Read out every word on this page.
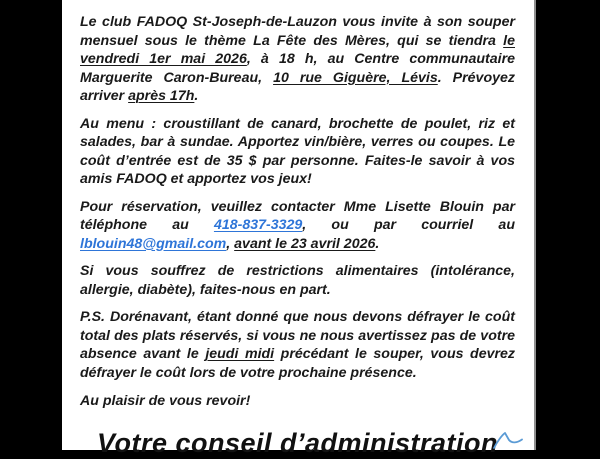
Le club FADOQ St-Joseph-de-Lauzon vous invite à son souper mensuel sous le thème La Fête des Mères, qui se tiendra le vendredi 1er mai 2026, à 18 h, au Centre communautaire Marguerite Caron-Bureau, 10 rue Giguère, Lévis. Prévoyez arriver après 17h.

Au menu : croustillant de canard, brochette de poulet, riz et salades, bar à sundae. Apportez vin/bière, verres ou coupes. Le coût d’entrée est de 35 $ par personne. Faites-le savoir à vos amis FADOQ et apportez vos jeux!

Pour réservation, veuillez contacter Mme Lisette Blouin par téléphone au 418-837-3329, ou par courriel au lblouin48@gmail.com, avant le 23 avril 2026.

Si vous souffrez de restrictions alimentaires (intolérance, allergie, diabète), faites-nous en part.

P.S. Dorénavant, étant donné que nous devons défrayer le coût total des plats réservés, si vous ne nous avertissez pas de votre absence avant le jeudi midi précédant le souper, vous devrez défrayer le coût lors de votre prochaine présence.

Au plaisir de vous revoir!

Votre conseil d’administration
